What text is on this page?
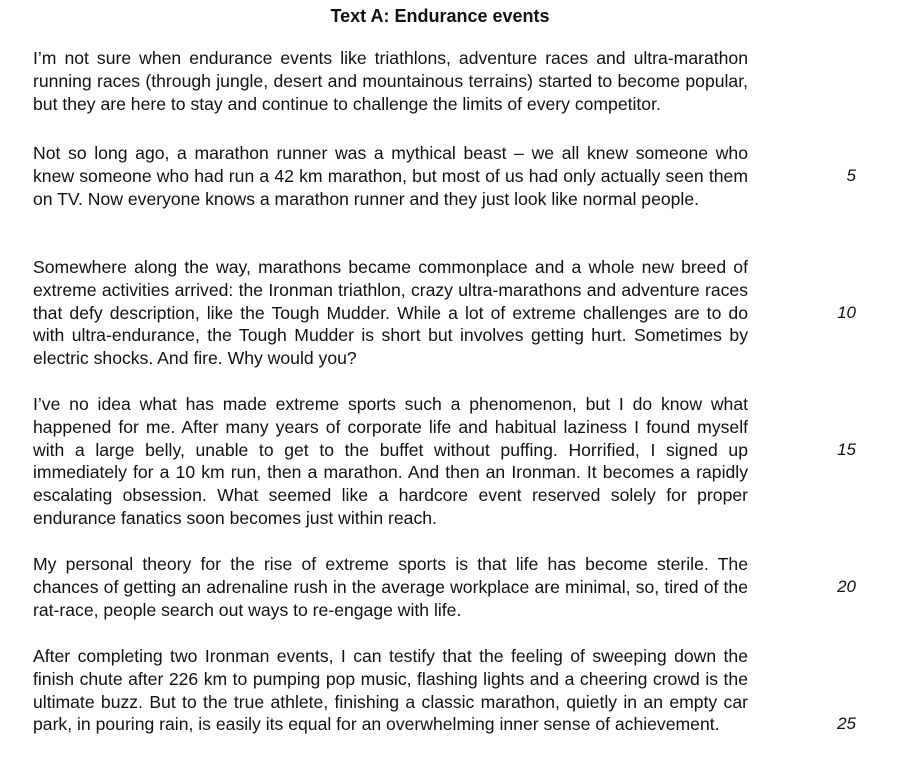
Text A: Endurance events

I’m not sure when endurance events like triathlons, adventure races and ultra-marathon running races (through jungle, desert and mountainous terrains) started to become popular, but they are here to stay and continue to challenge the limits of every competitor.

Not so long ago, a marathon runner was a mythical beast – we all knew someone who knew someone who had run a 42 km marathon, but most of us had only actually seen them on TV. Now everyone knows a marathon runner and they just look like normal people.

Somewhere along the way, marathons became commonplace and a whole new breed of extreme activities arrived: the Ironman triathlon, crazy ultra-marathons and adventure races that defy description, like the Tough Mudder. While a lot of extreme challenges are to do with ultra-endurance, the Tough Mudder is short but involves getting hurt. Sometimes by electric shocks. And fire. Why would you?

I’ve no idea what has made extreme sports such a phenomenon, but I do know what happened for me. After many years of corporate life and habitual laziness I found myself with a large belly, unable to get to the buffet without puffing. Horrified, I signed up immediately for a 10 km run, then a marathon. And then an Ironman. It becomes a rapidly escalating obsession. What seemed like a hardcore event reserved solely for proper endurance fanatics soon becomes just within reach.

My personal theory for the rise of extreme sports is that life has become sterile. The chances of getting an adrenaline rush in the average workplace are minimal, so, tired of the rat-race, people search out ways to re-engage with life.

After completing two Ironman events, I can testify that the feeling of sweeping down the finish chute after 226 km to pumping pop music, flashing lights and a cheering crowd is the ultimate buzz. But to the true athlete, finishing a classic marathon, quietly in an empty car park, in pouring rain, is easily its equal for an overwhelming inner sense of achievement.

5
10
15
20
25
